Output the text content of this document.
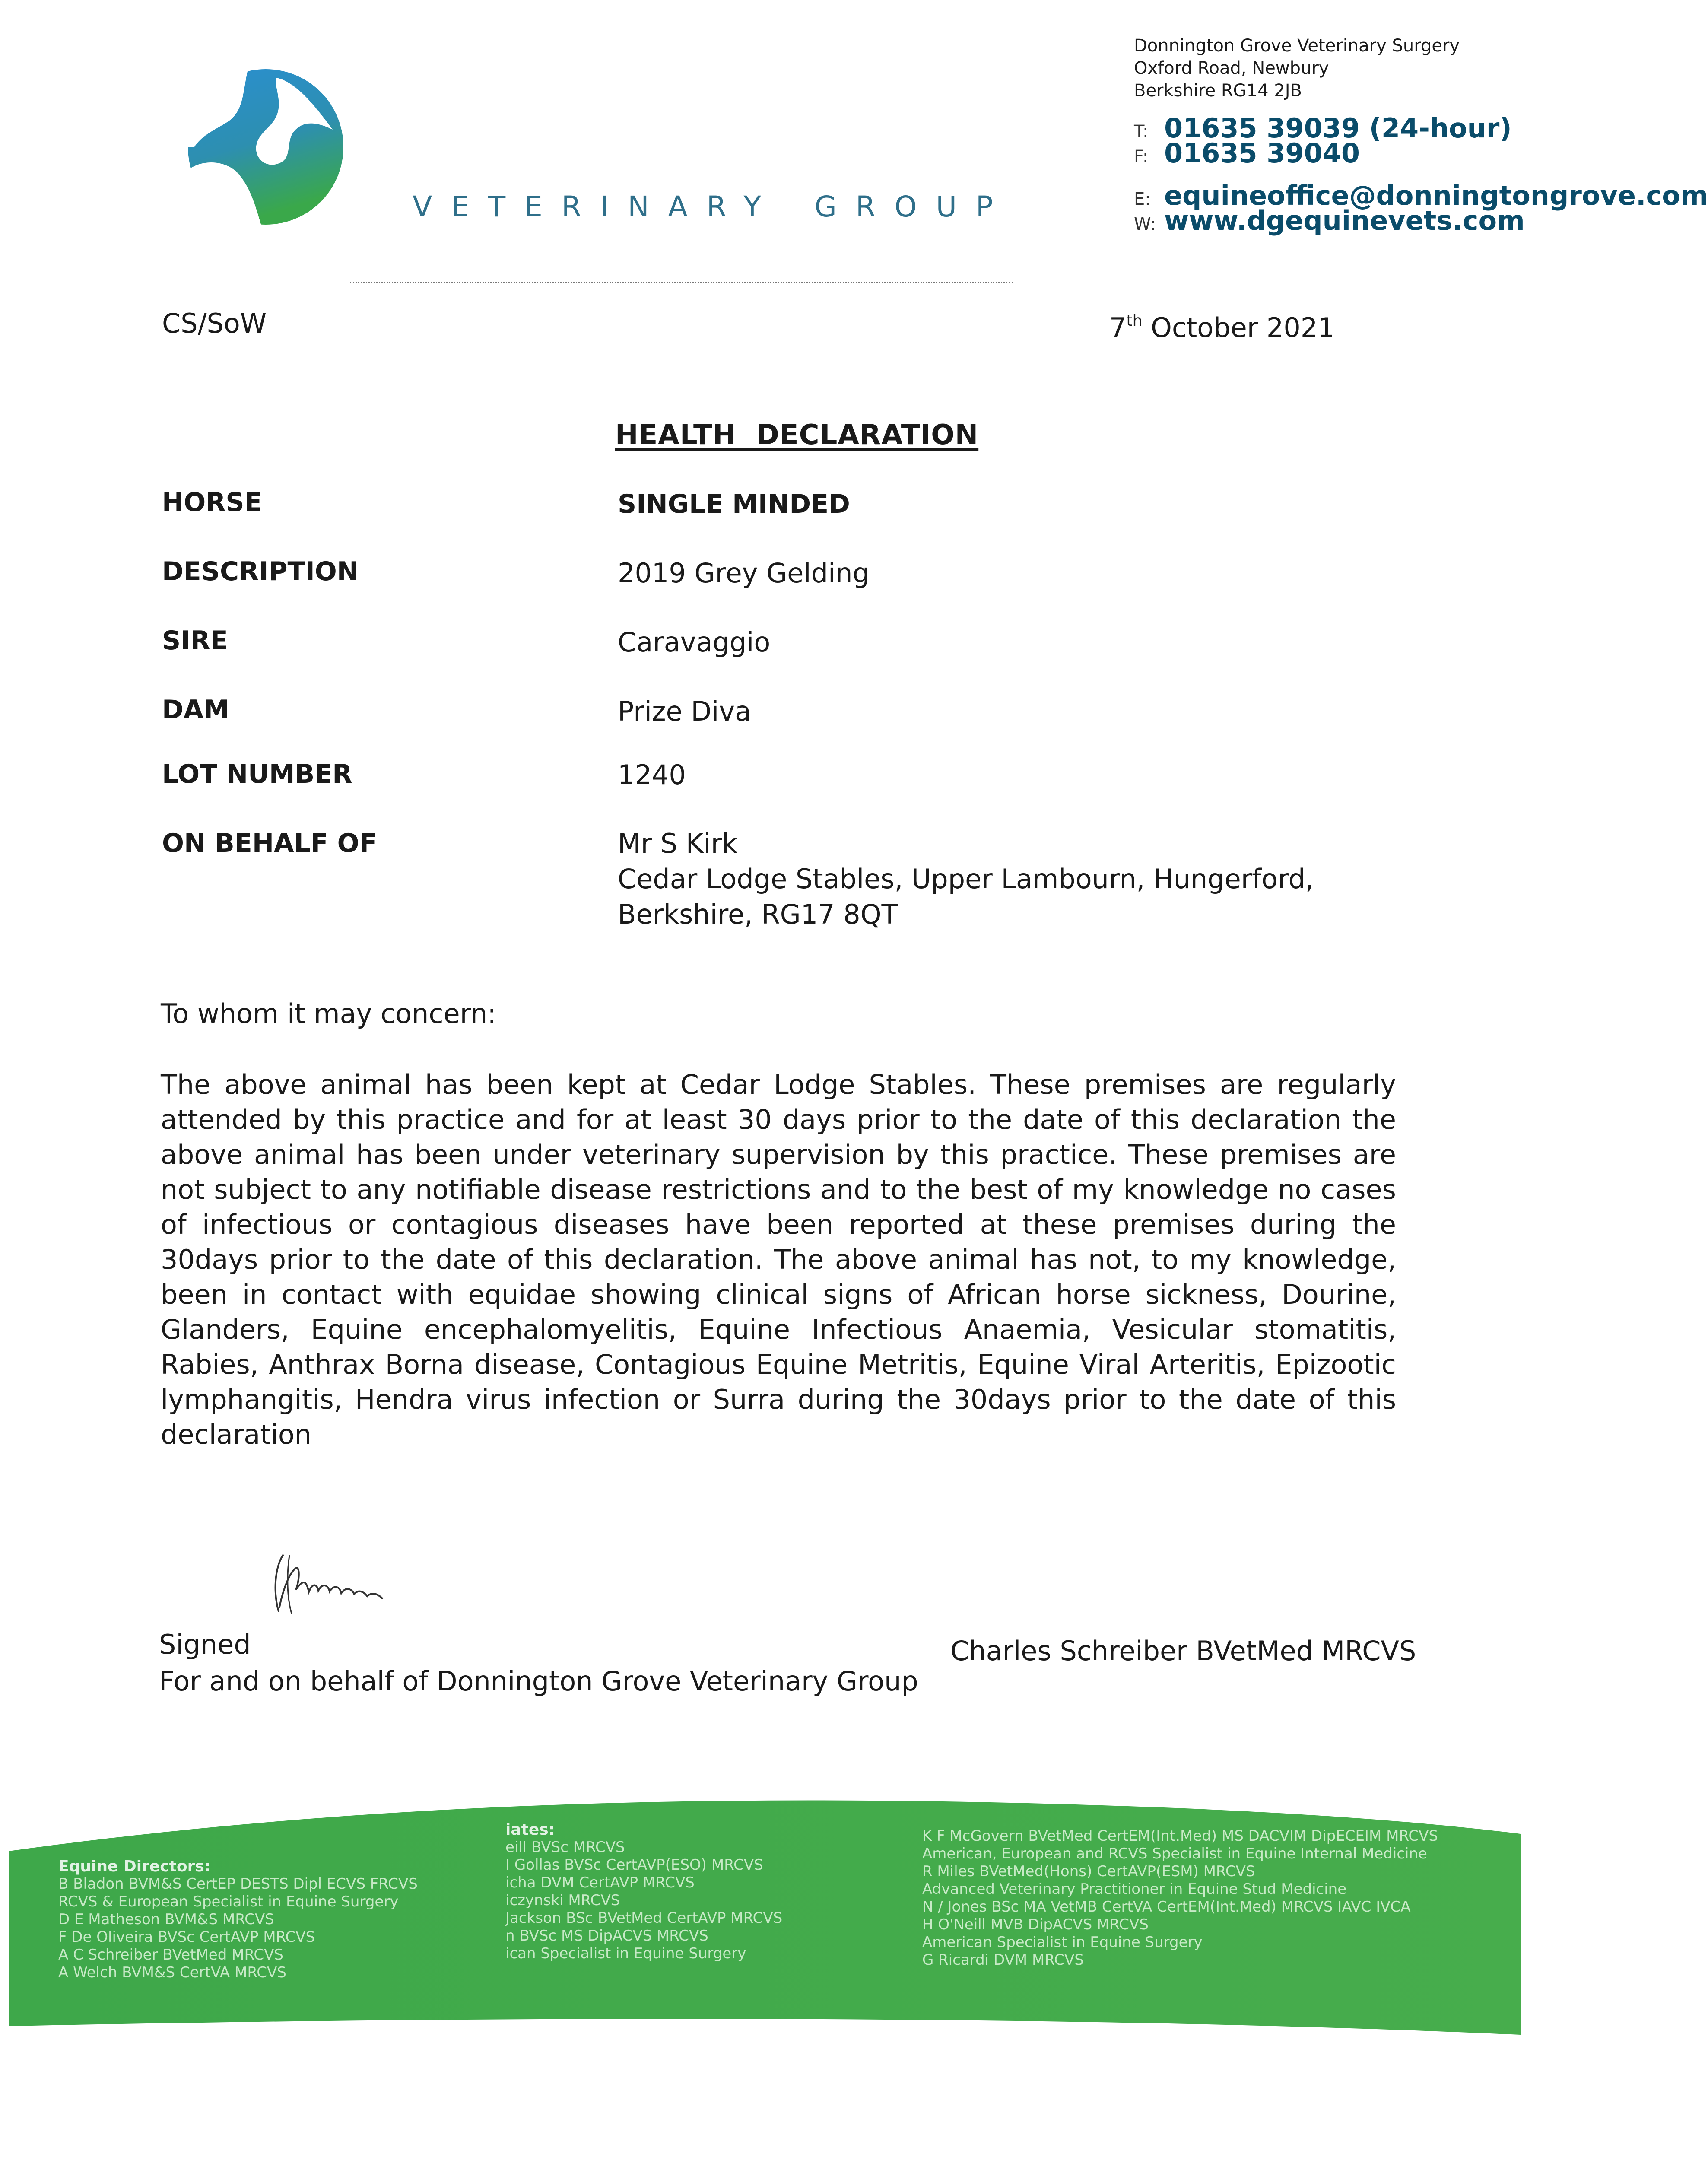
VETERINARY GROUP
Donnington Grove Veterinary Surgery
Oxford Road, Newbury
Berkshire RG14 2JB
T: 01635 39039 (24-hour)
F: 01635 39040
E: equineoffice@donningtongrove.com
W: www.dgequinevets.com
CS/SoW	7th October 2021
HEALTH  DECLARATION
HORSE	SINGLE MINDED
DESCRIPTION	2019 Grey Gelding
SIRE	Caravaggio
DAM	Prize Diva
LOT NUMBER	1240
ON BEHALF OF	Mr S Kirk
Cedar Lodge Stables, Upper Lambourn, Hungerford,
Berkshire, RG17 8QT
To whom it may concern:
The above animal has been kept at Cedar Lodge Stables. These premises are regularly attended by this practice and for at least 30 days prior to the date of this declaration the above animal has been under veterinary supervision by this practice. These premises are not subject to any notifiable disease restrictions and to the best of my knowledge no cases of infectious or contagious diseases have been reported at these premises during the 30days prior to the date of this declaration. The above animal has not, to my knowledge, been in contact with equidae showing clinical signs of African horse sickness, Dourine, Glanders, Equine encephalomyelitis, Equine Infectious Anaemia, Vesicular stomatitis, Rabies, Anthrax Borna disease, Contagious Equine Metritis, Equine Viral Arteritis, Epizootic lymphangitis, Hendra virus infection or Surra during the 30days prior to the date of this declaration
Signed
For and on behalf of Donnington Grove Veterinary Group
Charles Schreiber BVetMed MRCVS
Equine Directors:
B Bladon BVM&S CertEP DESTS Dipl ECVS FRCVS
RCVS & European Specialist in Equine Surgery
D E Matheson BVM&S MRCVS
F De Oliveira BVSc CertAVP MRCVS
A C Schreiber BVetMed MRCVS
A Welch BVM&S CertVA MRCVS
iates:
eill BVSc MRCVS
I Gollas BVSc CertAVP(ESO) MRCVS
icha DVM CertAVP MRCVS
iczynski MRCVS
Jackson BSc BVetMed CertAVP MRCVS
n BVSc MS DipACVS MRCVS
ican Specialist in Equine Surgery
K F McGovern BVetMed CertEM(Int.Med) MS DACVIM DipECEIM MRCVS
American, European and RCVS Specialist in Equine Internal Medicine
R Miles BVetMed(Hons) CertAVP(ESM) MRCVS
Advanced Veterinary Practitioner in Equine Stud Medicine
N / Jones BSc MA VetMB CertVA CertEM(Int.Med) MRCVS IAVC IVCA
H O'Neill MVB DipACVS MRCVS
American Specialist in Equine Surgery
G Ricardi DVM MRCVS
